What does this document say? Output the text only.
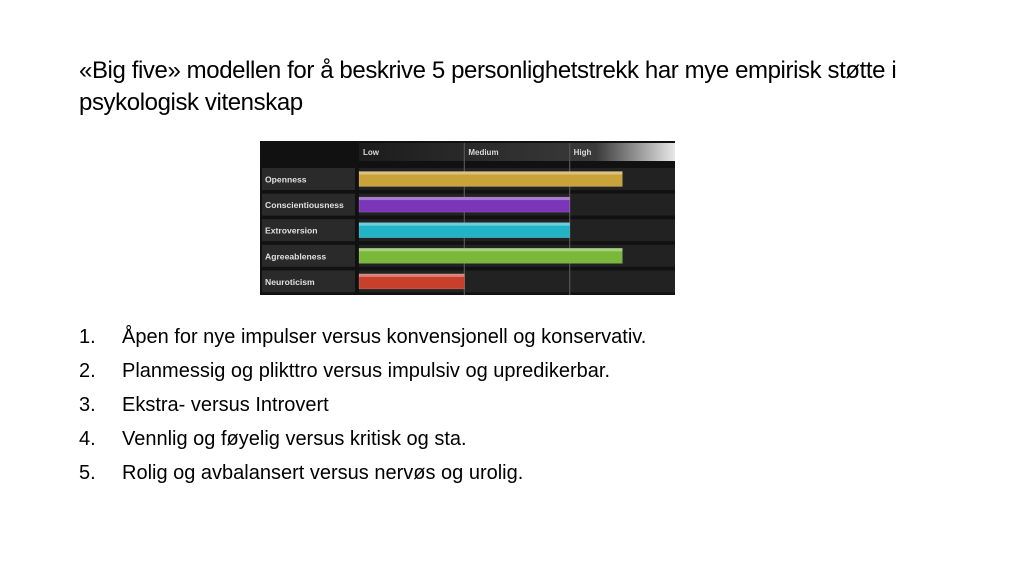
«Big five» modellen for å beskrive 5 personlighetstrekk har mye empirisk støtte i psykologisk vitenskap
Openness
Conscientiousness
Extroversion
Agreeableness
Neuroticism
Low	Medium	High
1.	Åpen for nye impulser versus konvensjonell og konservativ.
2.	Planmessig og plikttro versus impulsiv og upredikerbar.
3.	Ekstra- versus Introvert
4.	Vennlig og føyelig versus kritisk og sta.
5.	Rolig og avbalansert versus nervøs og urolig.
